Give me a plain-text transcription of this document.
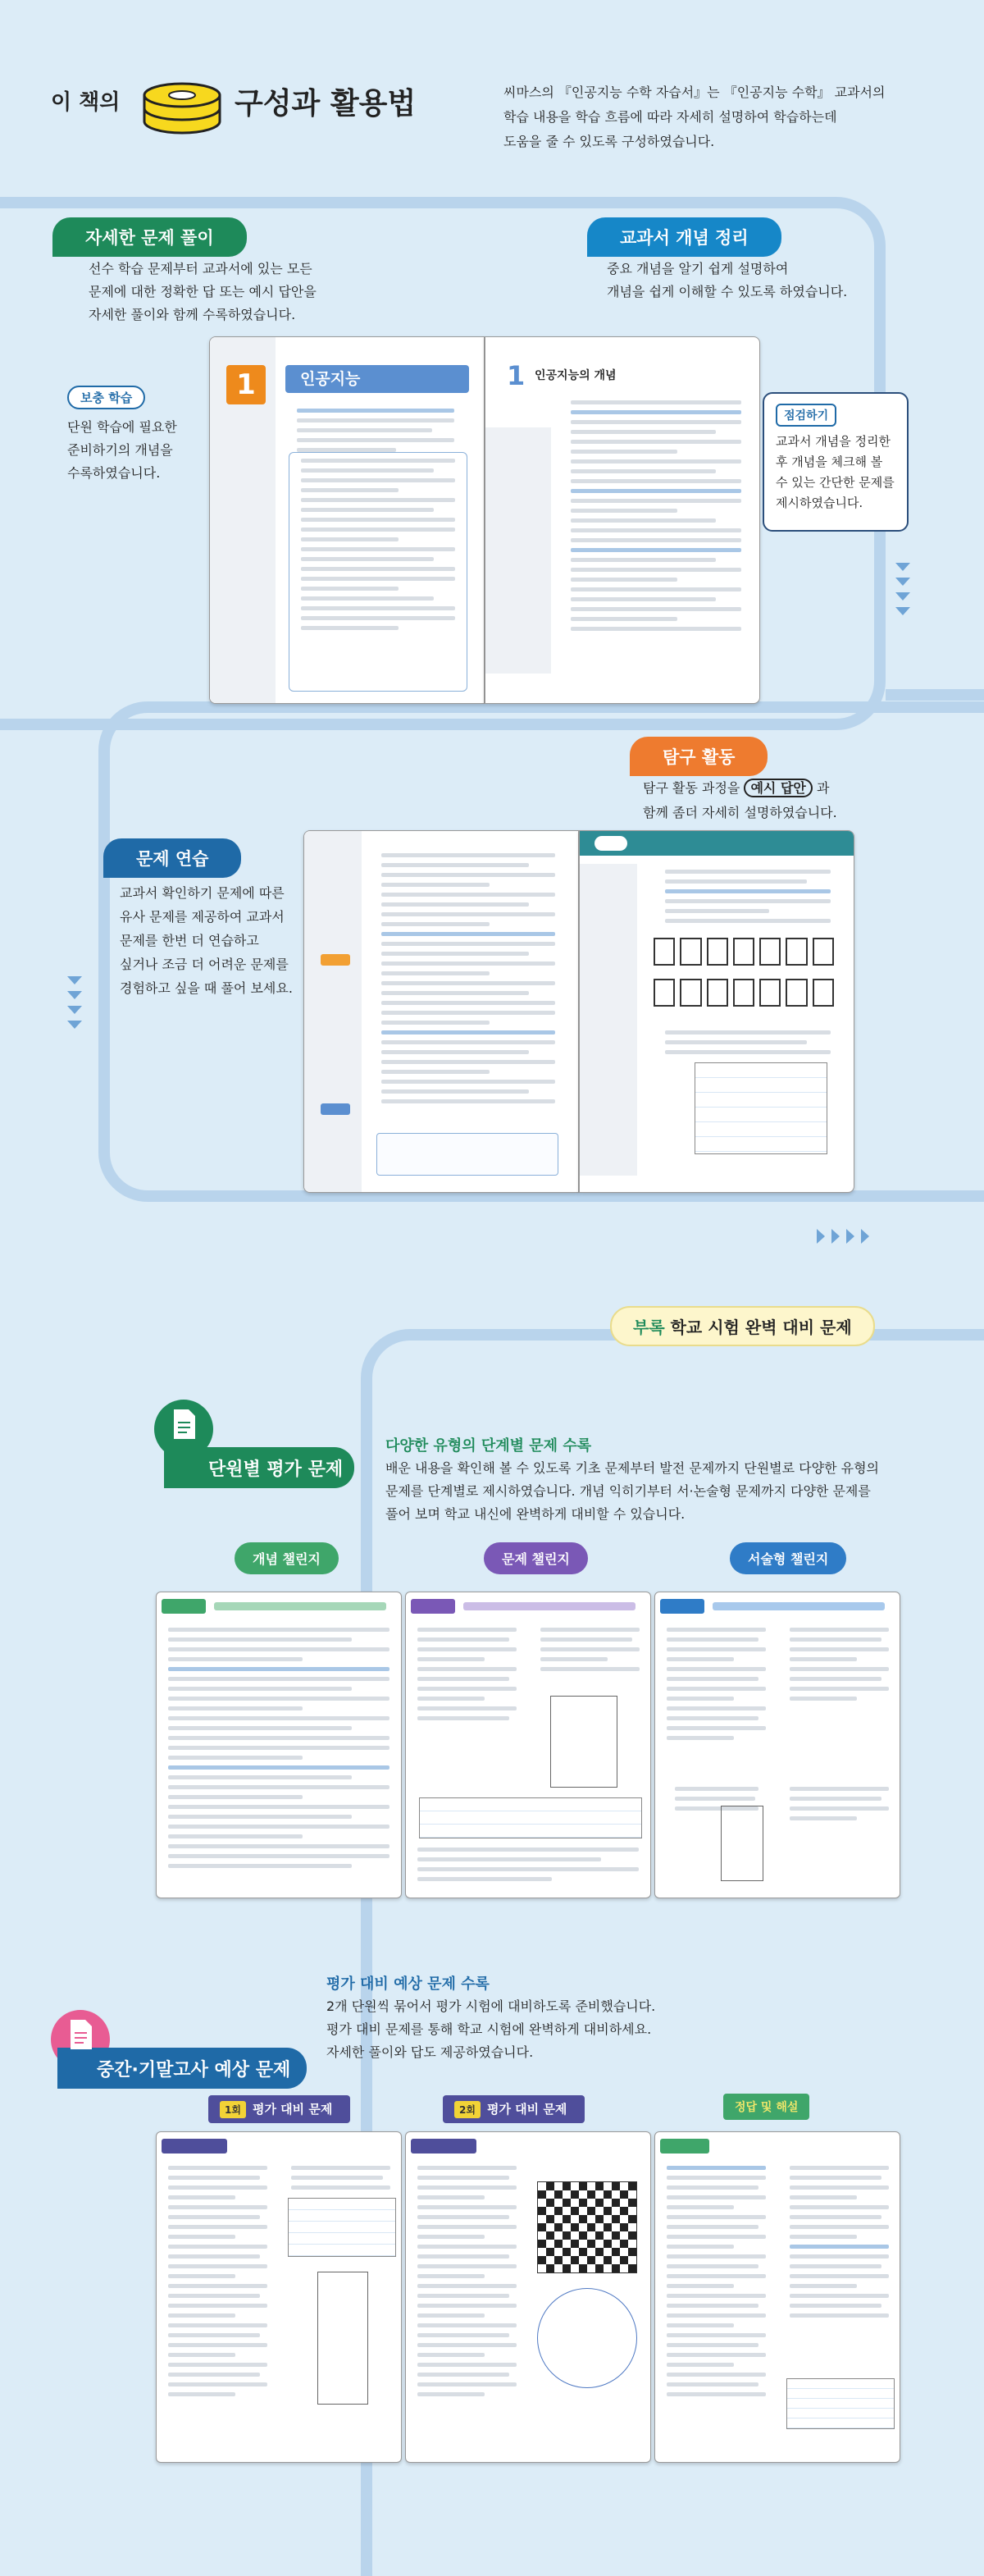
이 책의	구성과 활용법	씨마스의 『인공지능 수학 자습서』는 『인공지능 수학』 교과서의
학습 내용을 학습 흐름에 따라 자세히 설명하여 학습하는데
도움을 줄 수 있도록 구성하였습니다.
자세한 문제 풀이
선수 학습 문제부터 교과서에 있는 모든
문제에 대한 정확한 답 또는 예시 답안을
자세한 풀이와 함께 수록하였습니다.
교과서 개념 정리
중요 개념을 알기 쉽게 설명하여
개념을 쉽게 이해할 수 있도록 하였습니다.
보충 학습
단원 학습에 필요한
준비하기의 개념을
수록하였습니다.
1	인공지능	1 인공지능의 개념
점검하기
교과서 개념을 정리한
후 개념을 체크해 볼
수 있는 간단한 문제를
제시하였습니다.
탐구 활동
탐구 활동 과정을 예시 답안 과
함께 좀더 자세히 설명하였습니다.
문제 연습
교과서 확인하기 문제에 따른
유사 문제를 제공하여 교과서
문제를 한번 더 연습하고
싶거나 조금 더 어려운 문제를
경험하고 싶을 때 풀어 보세요.
부록 학교 시험 완벽 대비 문제
단원별 평가 문제
다양한 유형의 단계별 문제 수록
배운 내용을 확인해 볼 수 있도록 기초 문제부터 발전 문제까지 단원별로 다양한 유형의
문제를 단계별로 제시하였습니다. 개념 익히기부터 서·논술형 문제까지 다양한 문제를
풀어 보며 학교 내신에 완벽하게 대비할 수 있습니다.
개념 챌린지	문제 챌린지	서술형 챌린지
중간·기말고사 예상 문제
평가 대비 예상 문제 수록
2개 단원씩 묶어서 평가 시험에 대비하도록 준비했습니다.
평가 대비 문제를 통해 학교 시험에 완벽하게 대비하세요.
자세한 풀이와 답도 제공하였습니다.
1회 평가 대비 문제	2회 평가 대비 문제	정답 및 해설
